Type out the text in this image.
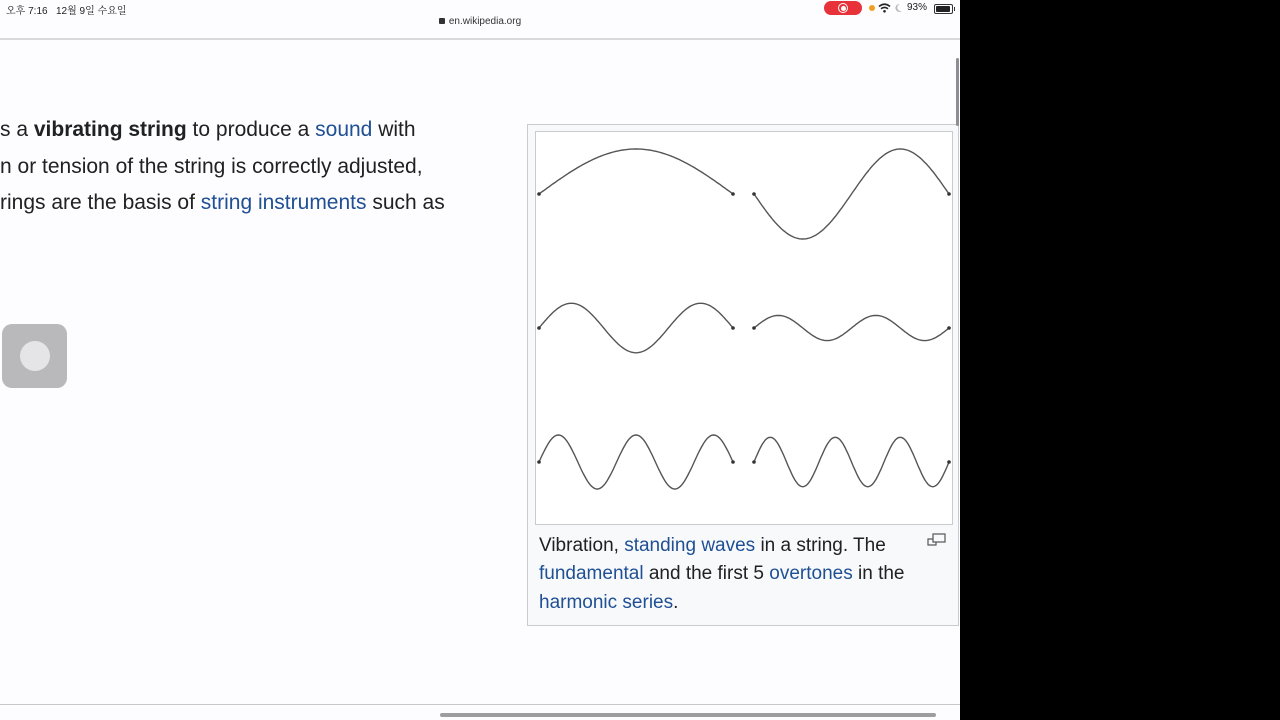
오후 7:16 12월 9일 수요일	93%
en.wikipedia.org
s a vibrating string to produce a sound with
n or tension of the string is correctly adjusted,
rings are the basis of string instruments such as
Vibration, standing waves in a string. The
fundamental and the first 5 overtones in the
harmonic series.
